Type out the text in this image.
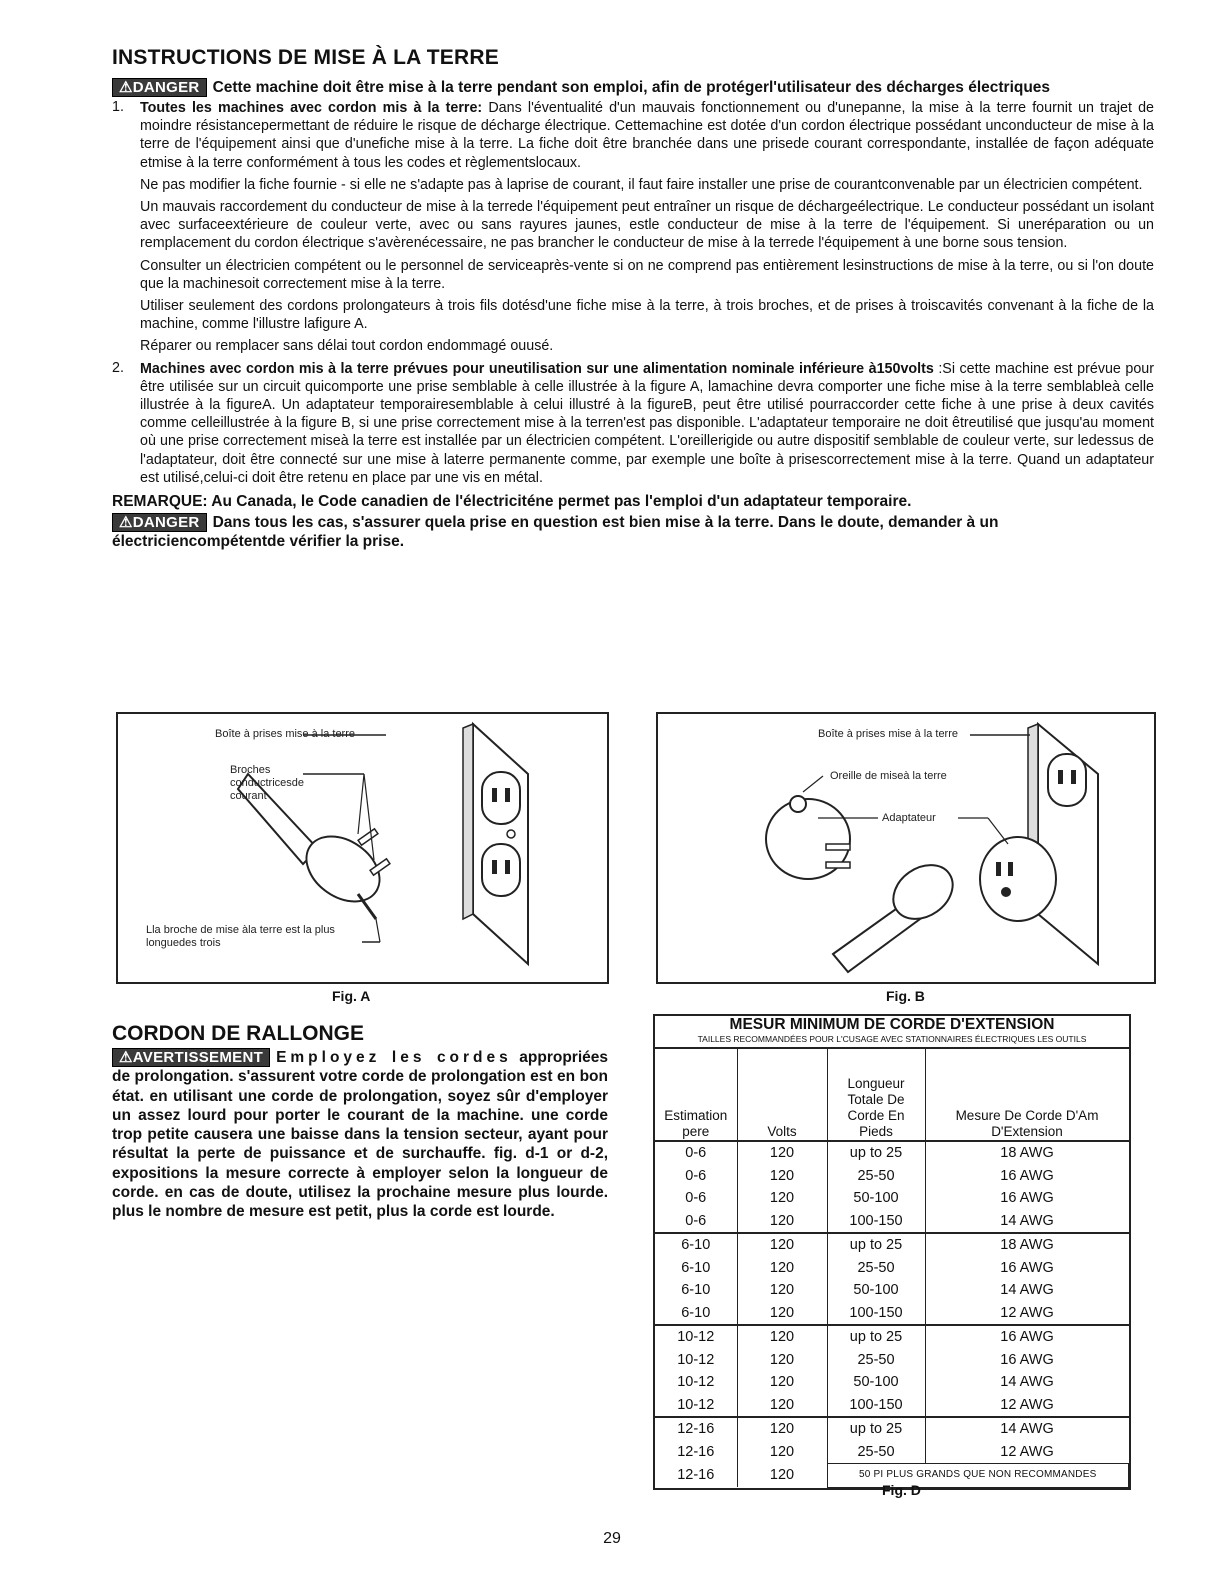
INSTRUCTIONS DE MISE À LA TERRE

⚠DANGER Cette machine doit être mise à la terre pendant son emploi, afin de protégerl'utilisateur des décharges électriques

1. Toutes les machines avec cordon mis à la terre: Dans l'éventualité d'un mauvais fonctionnement ou d'unepanne, la mise à la terre fournit un trajet de moindre résistancepermettant de réduire le risque de décharge électrique. Cettemachine est dotée d'un cordon électrique possédant unconducteur de mise à la terre de l'équipement ainsi que d'unefiche mise à la terre. La fiche doit être branchée dans une prisede courant correspondante, installée de façon adéquate etmise à la terre conformément à tous les codes et règlementslocaux.

Ne pas modifier la fiche fournie - si elle ne s'adapte pas à laprise de courant, il faut faire installer une prise de courantconvenable par un électricien compétent.

Un mauvais raccordement du conducteur de mise à la terrede l'équipement peut entraîner un risque de déchargeélectrique. Le conducteur possédant un isolant avec surfaceextérieure de couleur verte, avec ou sans rayures jaunes, estle conducteur de mise à la terre de l'équipement. Si uneréparation ou un remplacement du cordon électrique s'avèrenécessaire, ne pas brancher le conducteur de mise à la terrede l'équipement à une borne sous tension.

Consulter un électricien compétent ou le personnel de serviceaprès-vente si on ne comprend pas entièrement lesinstructions de mise à la terre, ou si l'on doute que la machinesoit correctement mise à la terre.

Utiliser seulement des cordons prolongateurs à trois fils dotésd'une fiche mise à la terre, à trois broches, et de prises à troiscavités convenant à la fiche de la machine, comme l'illustre lafigure A.

Réparer ou remplacer sans délai tout cordon endommagé ouusé.

2. Machines avec cordon mis à la terre prévues pour uneutilisation sur une alimentation nominale inférieure à150volts :Si cette machine est prévue pour être utilisée sur un circuit quicomporte une prise semblable à celle illustrée à la figure A, lamachine devra comporter une fiche mise à la terre semblableà celle illustrée à la figureA. Un adaptateur temporairesemblable à celui illustré à la figureB, peut être utilisé pourraccorder cette fiche à une prise à deux cavités comme celleillustrée à la figure B, si une prise correctement mise à la terren'est pas disponible. L'adaptateur temporaire ne doit êtreutilisé que jusqu'au moment où une prise correctement miseà la terre est installée par un électricien compétent. L'oreillerigide ou autre dispositif semblable de couleur verte, sur ledessus de l'adaptateur, doit être connecté sur une mise à laterre permanente comme, par exemple une boîte à prisescorrectement mise à la terre. Quand un adaptateur est utilisé,celui-ci doit être retenu en place par une vis en métal.

REMARQUE: Au Canada, le Code canadien de l'électriciténe permet pas l'emploi d'un adaptateur temporaire.

⚠DANGER Dans tous les cas, s'assurer quela prise en question est bien mise à la terre. Dans le doute, demander à un électriciencompétentde vérifier la prise.

Boîte à prises mise à la terre
Broches conductricesde courant
Lla broche de mise àla terre est la plus longuedes trois
Fig. A
Boîte à prises mise à la terre
Oreille de miseà la terre
Adaptateur
Fig. B
CORDON DE RALLONGE

⚠AVERTISSEMENT Employez les cordes appropriées de prolongation. s'assurent votre corde de prolongation est en bon état. en utilisant une corde de prolongation, soyez sûr d'employer un assez lourd pour porter le courant de la machine. une corde trop petite causera une baisse dans la tension secteur, ayant pour résultat la perte de puissance et de surchauffe. fig. d-1 or d-2, expositions la mesure correcte à employer selon la longueur de corde. en cas de doute, utilisez la prochaine mesure plus lourde. plus le nombre de mesure est petit, plus la corde est lourde.

MESUR MINIMUM DE CORDE D'EXTENSION
TAILLES RECOMMANDÉES POUR L'CUSAGE AVEC STATIONNAIRES ÉLECTRIQUES LES OUTILS
Estimation pere	Volts	Longueur Totale De Corde En Pieds	Mesure De Corde D'Am D'Extension
0-6	120	up to 25	18 AWG
0-6	120	25-50	16 AWG
0-6	120	50-100	16 AWG
0-6	120	100-150	14 AWG
6-10	120	up to 25	18 AWG
6-10	120	25-50	16 AWG
6-10	120	50-100	14 AWG
6-10	120	100-150	12 AWG
10-12	120	up to 25	16 AWG
10-12	120	25-50	16 AWG
10-12	120	50-100	14 AWG
10-12	120	100-150	12 AWG
12-16	120	up to 25	14 AWG
12-16	120	25-50	12 AWG
12-16	120	50 PI PLUS GRANDS QUE NON RECOMMANDES	
Fig. D
29
